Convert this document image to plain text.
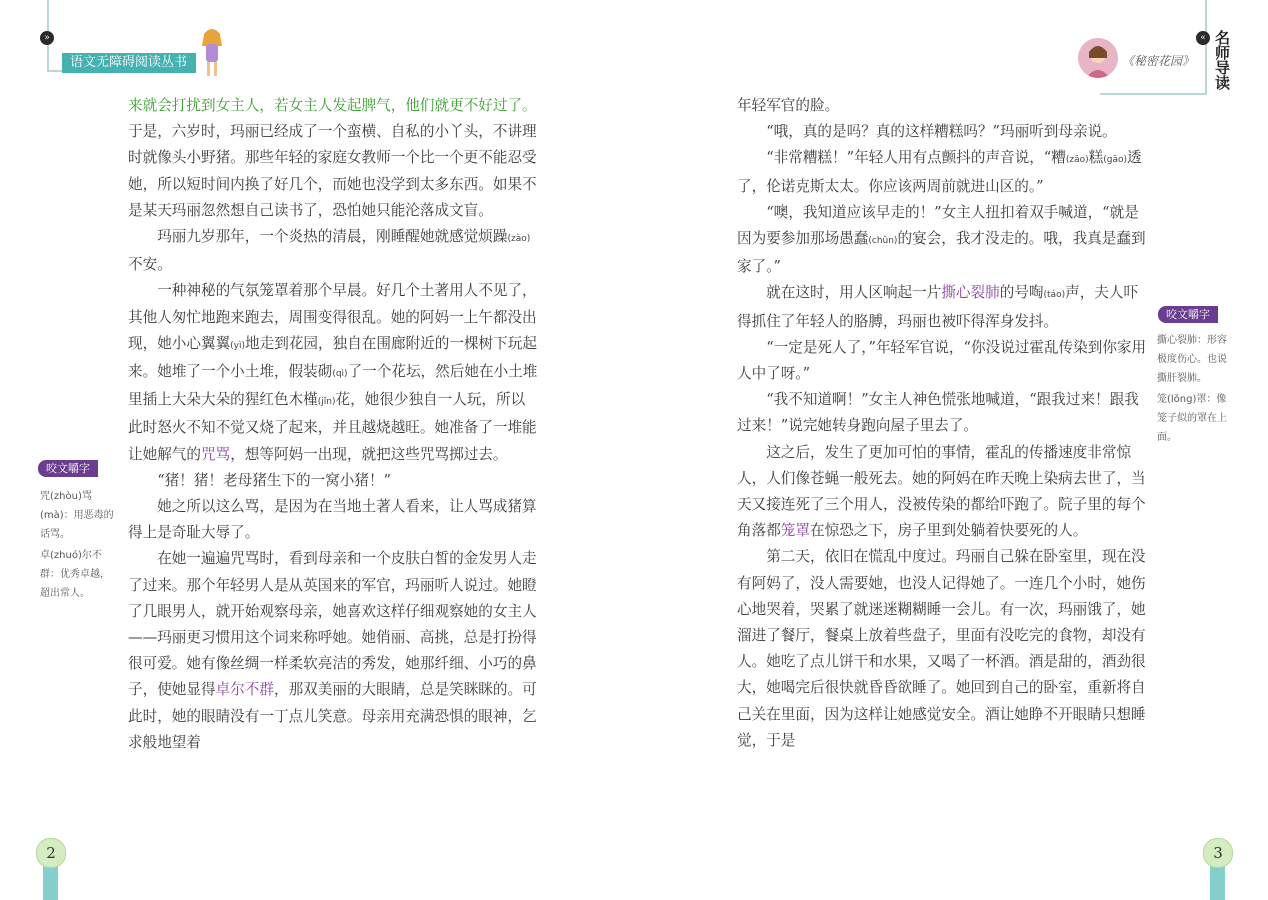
»
语文无障碍阅读丛书
«
《秘密花园》 名师导读

来就会打扰到女主人，若女主人发起脾气，他们就更不好过了。于是，六岁时，玛丽已经成了一个蛮横、自私的小丫头，不讲理时就像头小野猪。那些年轻的家庭女教师一个比一个更不能忍受她，所以短时间内换了好几个，而她也没学到太多东西。如果不是某天玛丽忽然想自己读书了，恐怕她只能沦落成文盲。

玛丽九岁那年，一个炎热的清晨，刚睡醒她就感觉烦躁(zào)不安。

一种神秘的气氛笼罩着那个早晨。好几个土著用人不见了，其他人匆忙地跑来跑去，周围变得很乱。她的阿妈一上午都没出现，她小心翼翼(yì)地走到花园，独自在围廊附近的一棵树下玩起来。她堆了一个小土堆，假装砌(qì)了一个花坛，然后她在小土堆里插上大朵大朵的猩红色木槿(jǐn)花，她很少独自一人玩，所以此时怒火不知不觉又烧了起来，并且越烧越旺。她准备了一堆能让她解气的咒骂，想等阿妈一出现，就把这些咒骂掷过去。

“猪！猪！老母猪生下的一窝小猪！”

她之所以这么骂，是因为在当地土著人看来，让人骂成猪算得上是奇耻大辱了。

在她一遍遍咒骂时，看到母亲和一个皮肤白皙的金发男人走了过来。那个年轻男人是从英国来的军官，玛丽听人说过。她瞪了几眼男人，就开始观察母亲，她喜欢这样仔细观察她的女主人——玛丽更习惯用这个词来称呼她。她俏丽、高挑，总是打扮得很可爱。她有像丝绸一样柔软亮洁的秀发，她那纤细、小巧的鼻子，使她显得卓尔不群，那双美丽的大眼睛，总是笑眯眯的。可此时，她的眼睛没有一丁点儿笑意。母亲用充满恐惧的眼神，乞求般地望着

年轻军官的脸。

“哦，真的是吗？真的这样糟糕吗？”玛丽听到母亲说。

“非常糟糕！”年轻人用有点颤抖的声音说，“糟(zāo)糕(gāo)透了，伦诺克斯太太。你应该两周前就进山区的。”

“噢，我知道应该早走的！”女主人扭扣着双手喊道，“就是因为要参加那场愚蠢(chǔn)的宴会，我才没走的。哦，我真是蠢到家了。”

就在这时，用人区响起一片撕心裂肺的号啕(táo)声，夫人吓得抓住了年轻人的胳膊，玛丽也被吓得浑身发抖。

“一定是死人了，”年轻军官说，“你没说过霍乱传染到你家用人中了呀。”

“我不知道啊！”女主人神色慌张地喊道，“跟我过来！跟我过来！”说完她转身跑向屋子里去了。

这之后，发生了更加可怕的事情，霍乱的传播速度非常惊人，人们像苍蝇一般死去。她的阿妈在昨天晚上染病去世了，当天又接连死了三个用人，没被传染的都给吓跑了。院子里的每个角落都笼罩在惊恐之下，房子里到处躺着快要死的人。

第二天，依旧在慌乱中度过。玛丽自己躲在卧室里，现在没有阿妈了，没人需要她，也没人记得她了。一连几个小时，她伤心地哭着，哭累了就迷迷糊糊睡一会儿。有一次，玛丽饿了，她溜进了餐厅，餐桌上放着些盘子，里面有没吃完的食物，却没有人。她吃了点儿饼干和水果，又喝了一杯酒。酒是甜的，酒劲很大，她喝完后很快就昏昏欲睡了。她回到自己的卧室，重新将自己关在里面，因为这样让她感觉安全。酒让她睁不开眼睛只想睡觉，于是

咬文嚼字

咒(zhòu)骂(mà)：用恶毒的话骂。

卓(zhuó)尔不群：优秀卓越，超出常人。

咬文嚼字

撕心裂肺：形容极度伤心。也说撕肝裂肺。

笼(lǒng)罩：像笼子似的罩在上面。

2	3
